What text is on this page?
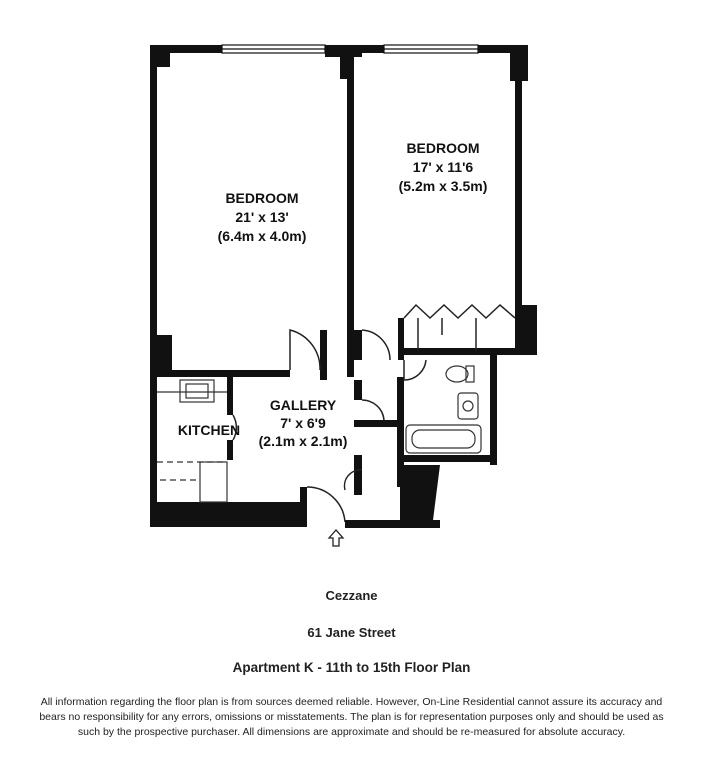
BEDROOM
21' x 13'
(6.4m x 4.0m)
BEDROOM
17' x 11'6
(5.2m x 3.5m)
GALLERY
7' x 6'9
(2.1m x 2.1m)
KITCHEN
Cezzane
61 Jane Street
Apartment K - 11th to 15th Floor Plan
All information regarding the floor plan is from sources deemed reliable. However, On-Line Residential cannot assure its accuracy and bears no responsibility for any errors, omissions or misstatements. The plan is for representation purposes only and should be used as such by the prospective purchaser. All dimensions are approximate and should be re-measured for absolute accuracy.
